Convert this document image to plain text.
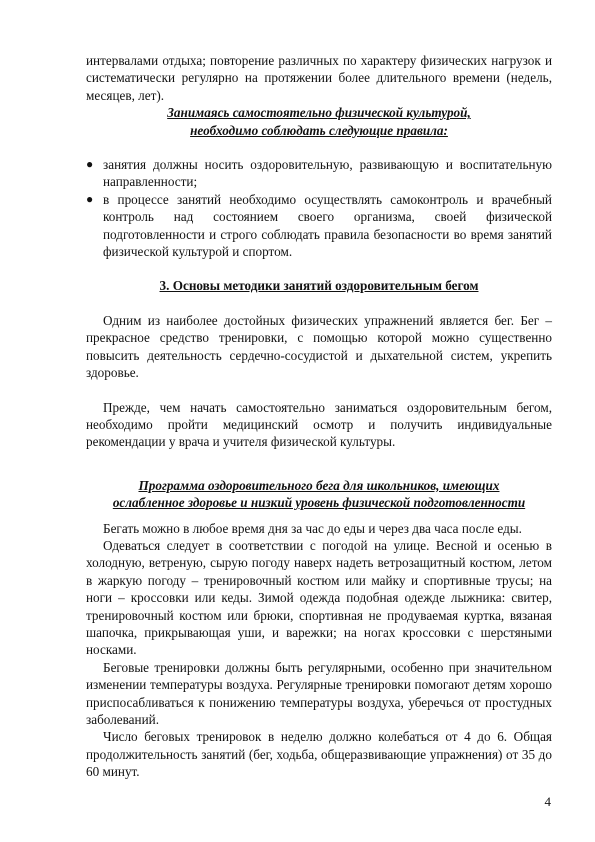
интервалами отдыха; повторение различных по характеру физических нагрузок и систематически регулярно на протяжении более длительного времени (недель, месяцев, лет).

Занимаясь самостоятельно физической культурой,

необходимо соблюдать следующие правила:

● занятия должны носить оздоровительную, развивающую и воспитательную направленности;
● в процессе занятий необходимо осуществлять самоконтроль и врачебный контроль над состоянием своего организма, своей физической подготовленности и строго соблюдать правила безопасности во время занятий физической культурой и спортом.

3. Основы методики занятий оздоровительным бегом

Одним из наиболее достойных физических упражнений является бег. Бег – прекрасное средство тренировки, с помощью которой можно существенно повысить деятельность сердечно-сосудистой и дыхательной систем, укрепить здоровье.

Прежде, чем начать самостоятельно заниматься оздоровительным бегом, необходимо пройти медицинский осмотр и получить индивидуальные рекомендации у врача и учителя физической культуры.

Программа оздоровительного бега для школьников, имеющих

ослабленное здоровье и низкий уровень физической подготовленности

Бегать можно в любое время дня за час до еды и через два часа после еды.

Одеваться следует в соответствии с погодой на улице. Весной и осенью в холодную, ветреную, сырую погоду наверх надеть ветрозащитный костюм, летом в жаркую погоду – тренировочный костюм или майку и спортивные трусы; на ноги – кроссовки или кеды. Зимой одежда подобная одежде лыжника: свитер, тренировочный костюм или брюки, спортивная не продуваемая куртка, вязаная шапочка, прикрывающая уши, и варежки; на ногах кроссовки с шерстяными носками.

Беговые тренировки должны быть регулярными, особенно при значительном изменении температуры воздуха. Регулярные тренировки помогают детям хорошо приспосабливаться к понижению температуры воздуха, уберечься от простудных заболеваний.

Число беговых тренировок в неделю должно колебаться от 4 до 6. Общая продолжительность занятий (бег, ходьба, общеразвивающие упражнения) от 35 до 60 минут.

4
